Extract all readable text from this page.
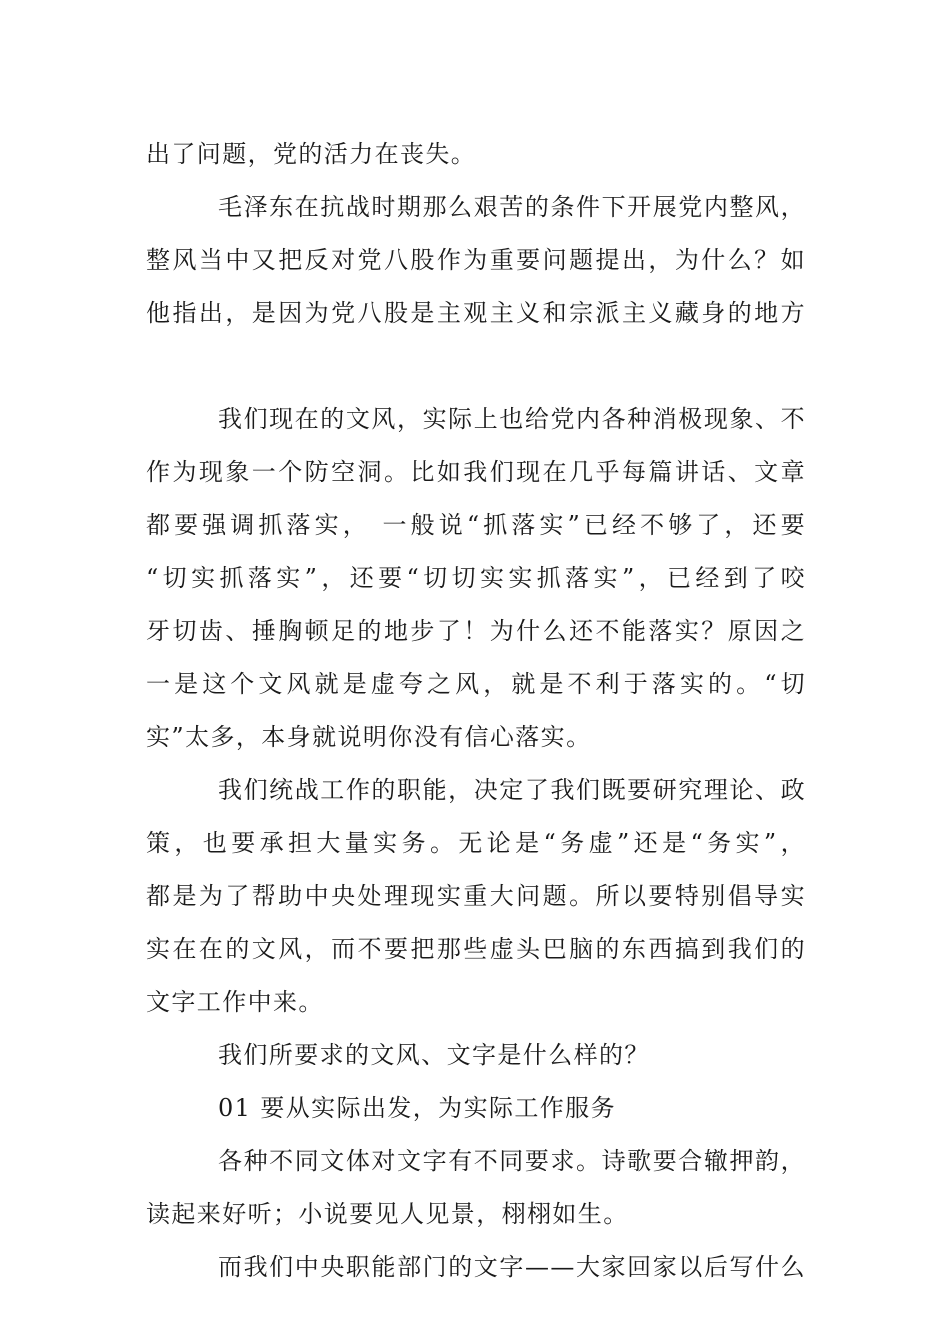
出了问题，党的活力在丧失。
毛泽东在抗战时期那么艰苦的条件下开展党内整风，
整风当中又把反对党八股作为重要问题提出，为什么？如
他指出，是因为党八股是主观主义和宗派主义藏身的地方
我们现在的文风，实际上也给党内各种消极现象、不
作为现象一个防空洞。比如我们现在几乎每篇讲话、文章
都要强调抓落实， 一般说“抓落实”已经不够了，还要
“切实抓落实”，还要“切切实实抓落实”，已经到了咬
牙切齿、捶胸顿足的地步了！为什么还不能落实？原因之
一是这个文风就是虚夸之风，就是不利于落实的。“切
实”太多，本身就说明你没有信心落实。
我们统战工作的职能，决定了我们既要研究理论、政
策，也要承担大量实务。无论是“务虚”还是“务实”，
都是为了帮助中央处理现实重大问题。所以要特别倡导实
实在在的文风，而不要把那些虚头巴脑的东西搞到我们的
文字工作中来。
我们所要求的文风、文字是什么样的？
01 要从实际出发，为实际工作服务
各种不同文体对文字有不同要求。诗歌要合辙押韵，
读起来好听；小说要见人见景，栩栩如生。
而我们中央职能部门的文字——大家回家以后写什么
